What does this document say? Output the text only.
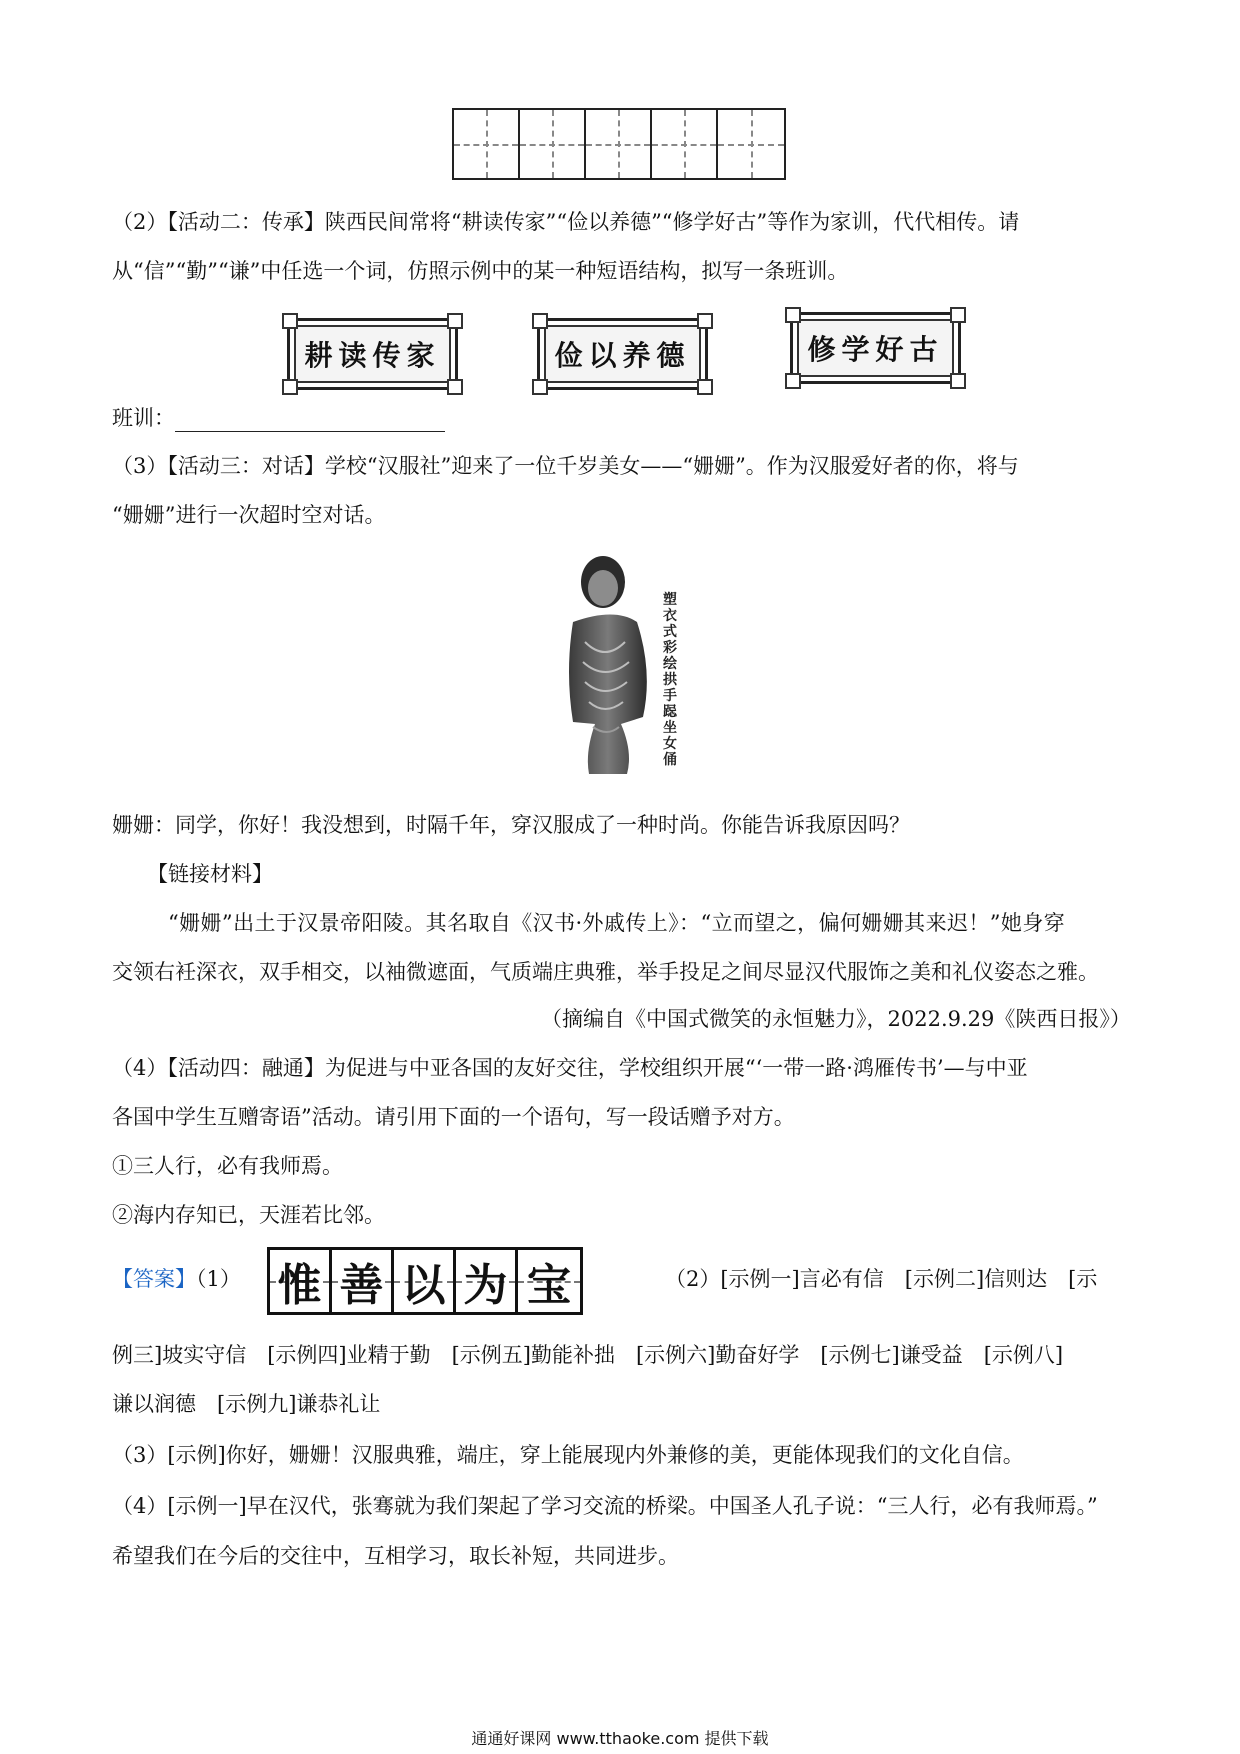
（2）【活动二：传承】陕西民间常将“耕读传家”“俭以养德”“修学好古”等作为家训，代代相传。请
从“信”“勤”“谦”中任选一个词，仿照示例中的某一种短语结构，拟写一条班训。
耕读传家	俭以养德	修学好古
班训：
（3）【活动三：对话】学校“汉服社”迎来了一位千岁美女——“姗姗”。作为汉服爱好者的你，将与
“姗姗”进行一次超时空对话。
塑衣式彩绘拱手跽坐女俑
姗姗：同学，你好！我没想到，时隔千年，穿汉服成了一种时尚。你能告诉我原因吗？
【链接材料】
“姗姗”出土于汉景帝阳陵。其名取自《汉书·外戚传上》：“立而望之，偏何姗姗其来迟！”她身穿
交领右衽深衣，双手相交，以袖微遮面，气质端庄典雅，举手投足之间尽显汉代服饰之美和礼仪姿态之雅。
（摘编自《中国式微笑的永恒魅力》，2022.9.29《陕西日报》）
（4）【活动四：融通】为促进与中亚各国的友好交往，学校组织开展“‘一带一路·鸿雁传书’—与中亚
各国中学生互赠寄语”活动。请引用下面的一个语句，写一段话赠予对方。
①三人行，必有我师焉。
②海内存知已，天涯若比邻。
【答案】（1） 惟 善 以 为 宝	（2）[示例一]言必有信　[示例二]信则达　[示
例三]坡实守信　[示例四]业精于勤　[示例五]勤能补拙　[示例六]勤奋好学　[示例七]谦受益　[示例八]
谦以润德　[示例九]谦恭礼让
（3）[示例]你好，姗姗！汉服典雅，端庄，穿上能展现内外兼修的美，更能体现我们的文化自信。
（4）[示例一]早在汉代，张骞就为我们架起了学习交流的桥梁。中国圣人孔子说：“三人行，必有我师焉。”
希望我们在今后的交往中，互相学习，取长补短，共同进步。
通通好课网 www.tthaoke.com 提供下载
